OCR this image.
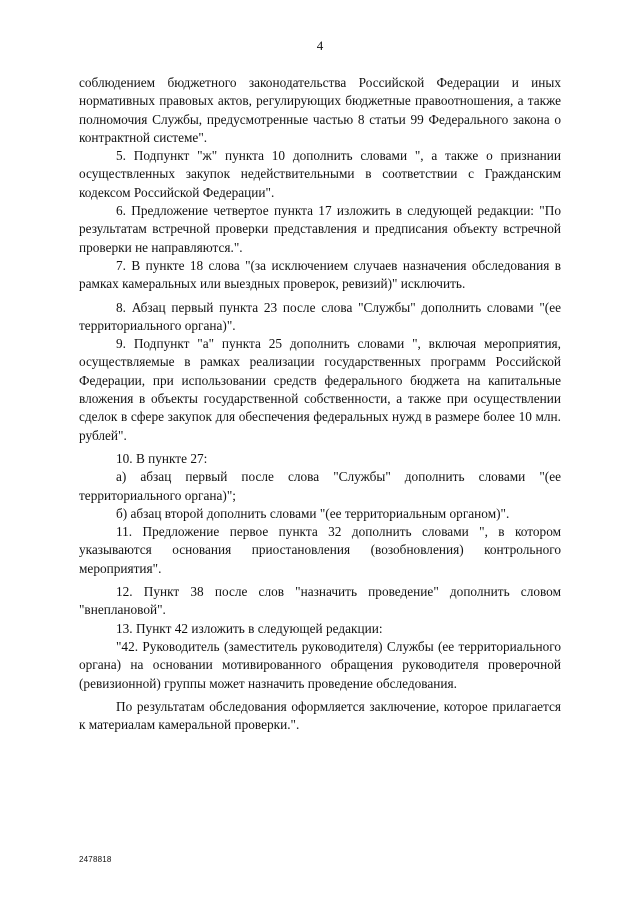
4

соблюдением бюджетного законодательства Российской Федерации и иных нормативных правовых актов, регулирующих бюджетные правоотношения, а также полномочия Службы, предусмотренные частью 8 статьи 99 Федерального закона о контрактной системе".

5. Подпункт "ж" пункта 10 дополнить словами ", а также о признании осуществленных закупок недействительными в соответствии с Гражданским кодексом Российской Федерации".

6. Предложение четвертое пункта 17 изложить в следующей редакции: "По результатам встречной проверки представления и предписания объекту встречной проверки не направляются.".

7. В пункте 18 слова "(за исключением случаев назначения обследования в рамках камеральных или выездных проверок, ревизий)" исключить.

8. Абзац первый пункта 23 после слова "Службы" дополнить словами "(ее территориального органа)".

9. Подпункт "а" пункта 25 дополнить словами ", включая мероприятия, осуществляемые в рамках реализации государственных программ Российской Федерации, при использовании средств федерального бюджета на капитальные вложения в объекты государственной собственности, а также при осуществлении сделок в сфере закупок для обеспечения федеральных нужд в размере более 10 млн. рублей".

10. В пункте 27:

а) абзац первый после слова "Службы" дополнить словами "(ее территориального органа)";

б) абзац второй дополнить словами "(ее территориальным органом)".

11. Предложение первое пункта 32 дополнить словами ", в котором указываются основания приостановления (возобновления) контрольного мероприятия".

12. Пункт 38 после слов "назначить проведение" дополнить словом "внеплановой".

13. Пункт 42 изложить в следующей редакции:

"42. Руководитель (заместитель руководителя) Службы (ее территориального органа) на основании мотивированного обращения руководителя проверочной (ревизионной) группы может назначить проведение обследования.

По результатам обследования оформляется заключение, которое прилагается к материалам камеральной проверки.".

2478818
